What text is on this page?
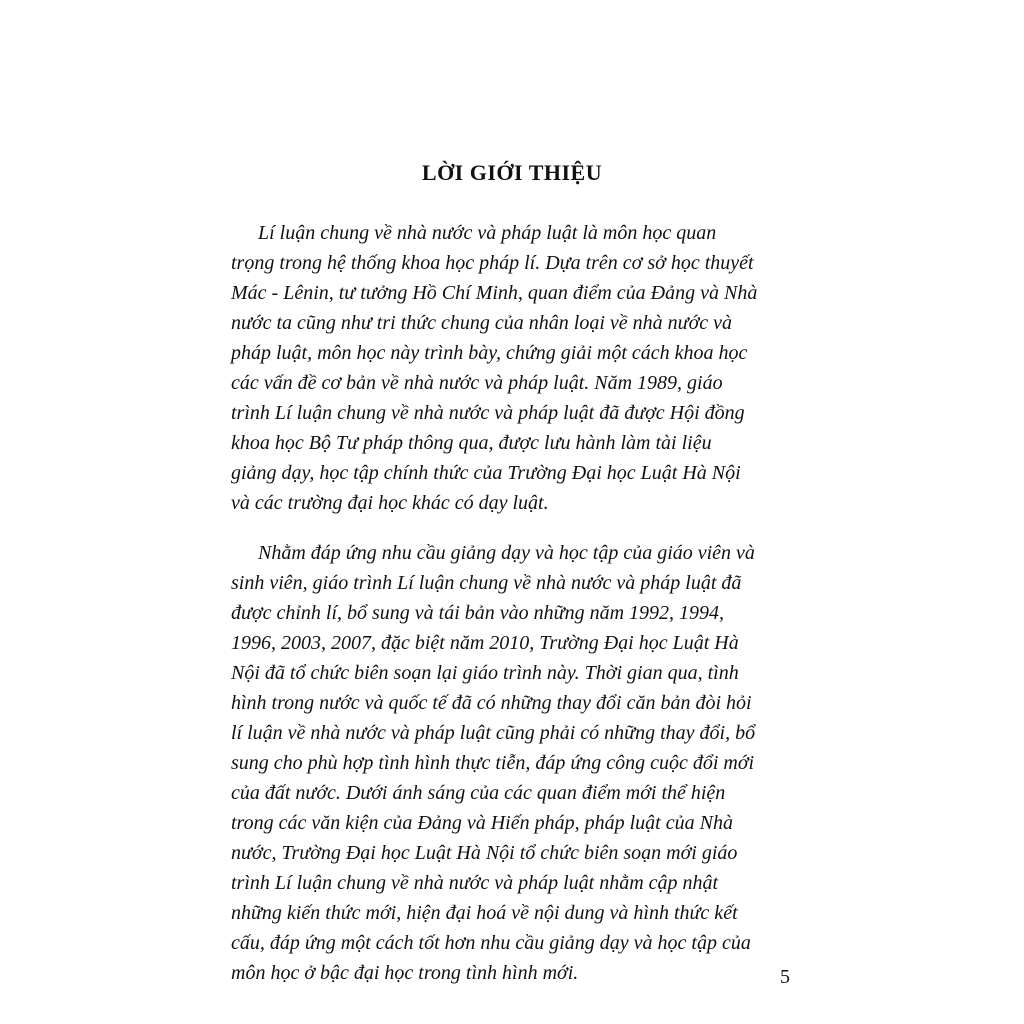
LỜI GIỚI THIỆU
Lí luận chung về nhà nước và pháp luật là môn học quan
trọng trong hệ thống khoa học pháp lí. Dựa trên cơ sở học thuyết
Mác - Lênin, tư tưởng Hồ Chí Minh, quan điểm của Đảng và Nhà
nước ta cũng như tri thức chung của nhân loại về nhà nước và
pháp luật, môn học này trình bày, chứng giải một cách khoa học
các vấn đề cơ bản về nhà nước và pháp luật. Năm 1989, giáo
trình Lí luận chung về nhà nước và pháp luật đã được Hội đồng
khoa học Bộ Tư pháp thông qua, được lưu hành làm tài liệu
giảng dạy, học tập chính thức của Trường Đại học Luật Hà Nội
và các trường đại học khác có dạy luật.
Nhằm đáp ứng nhu cầu giảng dạy và học tập của giáo viên và
sinh viên, giáo trình Lí luận chung về nhà nước và pháp luật đã
được chỉnh lí, bổ sung và tái bản vào những năm 1992, 1994,
1996, 2003, 2007, đặc biệt năm 2010, Trường Đại học Luật Hà
Nội đã tổ chức biên soạn lại giáo trình này. Thời gian qua, tình
hình trong nước và quốc tế đã có những thay đổi căn bản đòi hỏi
lí luận về nhà nước và pháp luật cũng phải có những thay đổi, bổ
sung cho phù hợp tình hình thực tiễn, đáp ứng công cuộc đổi mới
của đất nước. Dưới ánh sáng của các quan điểm mới thể hiện
trong các văn kiện của Đảng và Hiến pháp, pháp luật của Nhà
nước, Trường Đại học Luật Hà Nội tổ chức biên soạn mới giáo
trình Lí luận chung về nhà nước và pháp luật nhằm cập nhật
những kiến thức mới, hiện đại hoá về nội dung và hình thức kết
cấu, đáp ứng một cách tốt hơn nhu cầu giảng dạy và học tập của
môn học ở bậc đại học trong tình hình mới.	5
